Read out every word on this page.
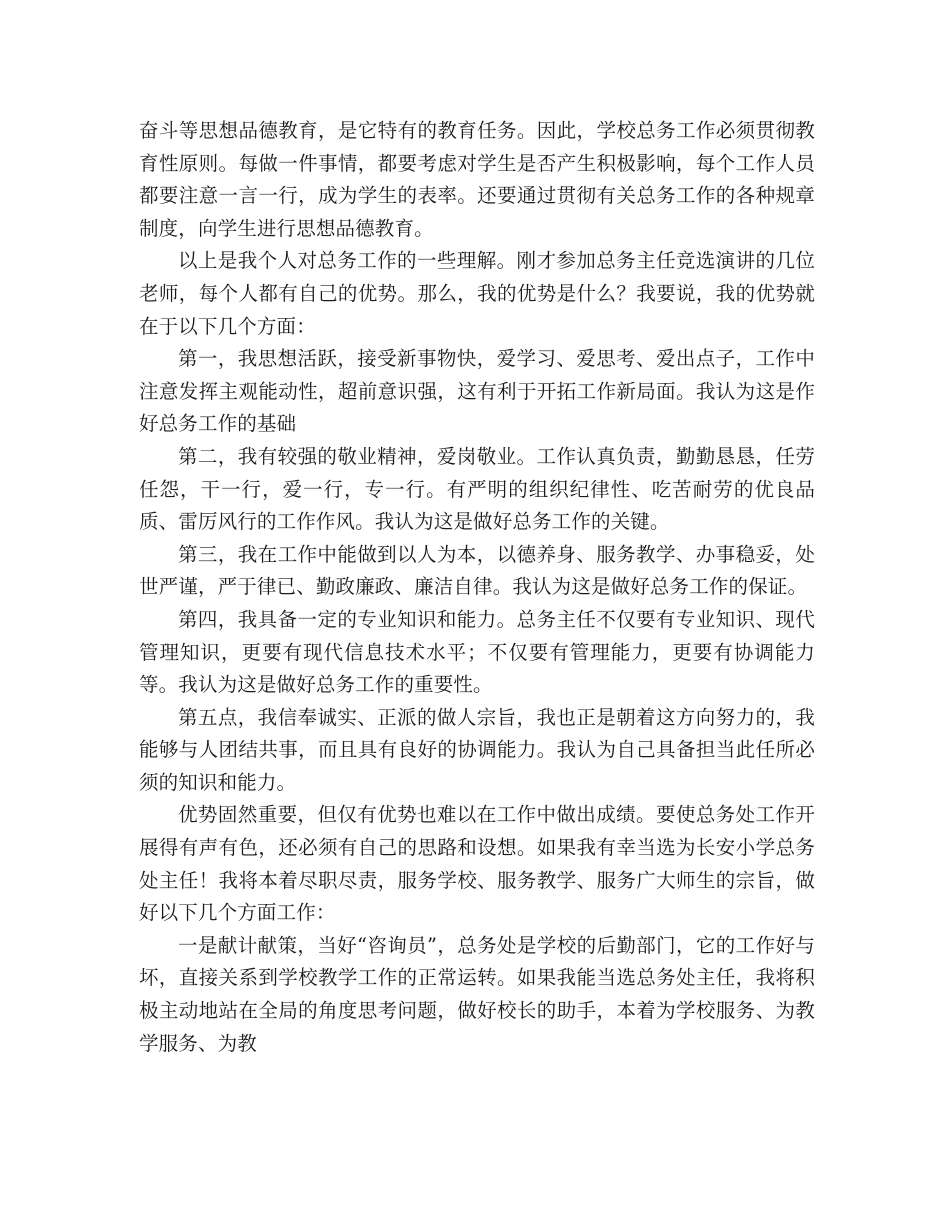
奋斗等思想品德教育，是它特有的教育任务。因此，学校总务工作必须贯彻教育性原则。每做一件事情，都要考虑对学生是否产生积极影响，每个工作人员都要注意一言一行，成为学生的表率。还要通过贯彻有关总务工作的各种规章制度，向学生进行思想品德教育。

以上是我个人对总务工作的一些理解。刚才参加总务主任竞选演讲的几位老师，每个人都有自己的优势。那么，我的优势是什么？我要说，我的优势就在于以下几个方面：

第一，我思想活跃，接受新事物快，爱学习、爱思考、爱出点子，工作中注意发挥主观能动性，超前意识强，这有利于开拓工作新局面。我认为这是作好总务工作的基础

第二，我有较强的敬业精神，爱岗敬业。工作认真负责，勤勤恳恳，任劳任怨，干一行，爱一行，专一行。有严明的组织纪律性、吃苦耐劳的优良品质、雷厉风行的工作作风。我认为这是做好总务工作的关键。

第三，我在工作中能做到以人为本，以德养身、服务教学、办事稳妥，处世严谨，严于律已、勤政廉政、廉洁自律。我认为这是做好总务工作的保证。

第四，我具备一定的专业知识和能力。总务主任不仅要有专业知识、现代管理知识，更要有现代信息技术水平；不仅要有管理能力，更要有协调能力等。我认为这是做好总务工作的重要性。

第五点，我信奉诚实、正派的做人宗旨，我也正是朝着这方向努力的，我能够与人团结共事，而且具有良好的协调能力。我认为自己具备担当此任所必须的知识和能力。

优势固然重要，但仅有优势也难以在工作中做出成绩。要使总务处工作开展得有声有色，还必须有自己的思路和设想。如果我有幸当选为长安小学总务处主任！我将本着尽职尽责，服务学校、服务教学、服务广大师生的宗旨，做好以下几个方面工作：

一是献计献策，当好“咨询员”，总务处是学校的后勤部门，它的工作好与坏，直接关系到学校教学工作的正常运转。如果我能当选总务处主任，我将积极主动地站在全局的角度思考问题，做好校长的助手，本着为学校服务、为教学服务、为教
